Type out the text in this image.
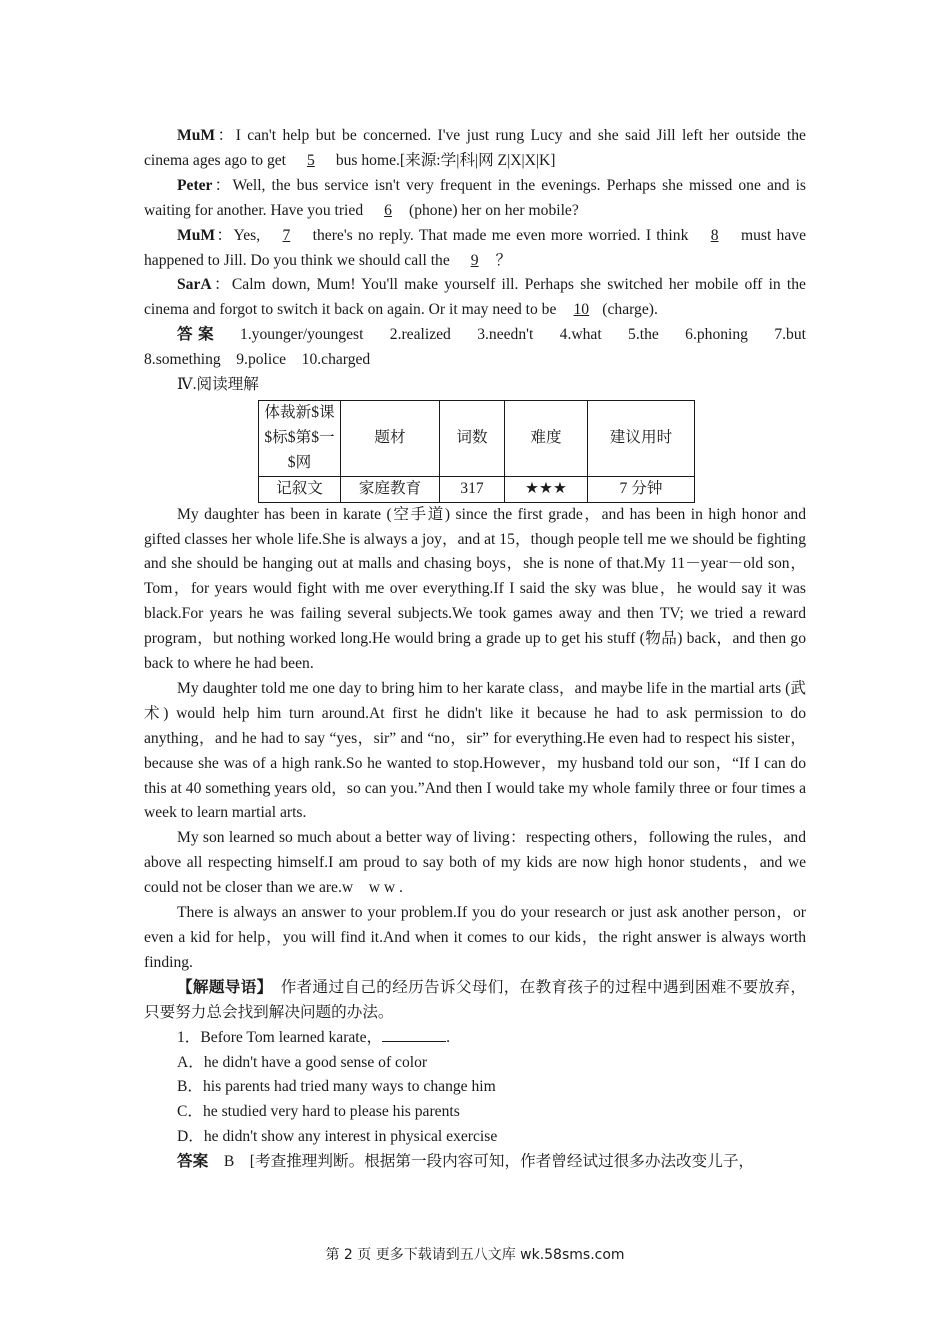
MuM：I can't help but be concerned. I've just rung Lucy and she said Jill left her outside the cinema ages ago to get 5 bus home.[来源:学|科|网 Z|X|X|K]

Peter：Well, the bus service isn't very frequent in the evenings. Perhaps she missed one and is waiting for another. Have you tried 6 (phone) her on her mobile?

MuM：Yes, 7 there's no reply. That made me even more worried. I think 8 must have happened to Jill. Do you think we should call the 9 ？

SarA：Calm down, Mum! You'll make yourself ill. Perhaps she switched her mobile off in the cinema and forgot to switch it back on again. Or it may need to be 10 (charge).

答案　 1.younger/youngest　2.realized　3.needn't　4.what　5.the　6.phoning　7.but　8.something　9.police　10.charged

Ⅳ.阅读理解

体裁新$课$标$第$一$网	题材	词数	难度	建议用时
记叙文	家庭教育	317	★★★	7 分钟

My daughter has been in karate (空手道) since the first grade，and has been in high honor and gifted classes her whole life.She is always a joy，and at 15，though people tell me we should be fighting and she should be hanging out at malls and chasing boys，she is none of that.My 11－year－old son，Tom，for years would fight with me over everything.If I said the sky was blue，he would say it was black.For years he was failing several subjects.We took games away and then TV; we tried a reward program，but nothing worked long.He would bring a grade up to get his stuff (物品) back，and then go back to where he had been.

My daughter told me one day to bring him to her karate class，and maybe life in the martial arts (武术) would help him turn around.At first he didn't like it because he had to ask permission to do anything，and he had to say “yes，sir” and “no，sir” for everything.He even had to respect his sister，because she was of a high rank.So he wanted to stop.However，my husband told our son，“If I can do this at 40 something years old，so can you.”And then I would take my whole family three or four times a week to learn martial arts.

My son learned so much about a better way of living：respecting others，following the rules，and above all respecting himself.I am proud to say both of my kids are now high honor students，and we could not be closer than we are.w　w w .

There is always an answer to your problem.If you do your research or just ask another person，or even a kid for help，you will find it.And when it comes to our kids，the right answer is always worth finding.

【解题导语】　 作者通过自己的经历告诉父母们，在教育孩子的过程中遇到困难不要放弃，只要努力总会找到解决问题的办法。

1．Before Tom learned karate，	.

A．he didn't have a good sense of color

B．his parents had tried many ways to change him

C．he studied very hard to please his parents

D．he didn't show any interest in physical exercise

答案　 B　[考查推理判断。根据第一段内容可知，作者曾经试过很多办法改变儿子，

第 2 页 更多下载请到五八文库 wk.58sms.com
